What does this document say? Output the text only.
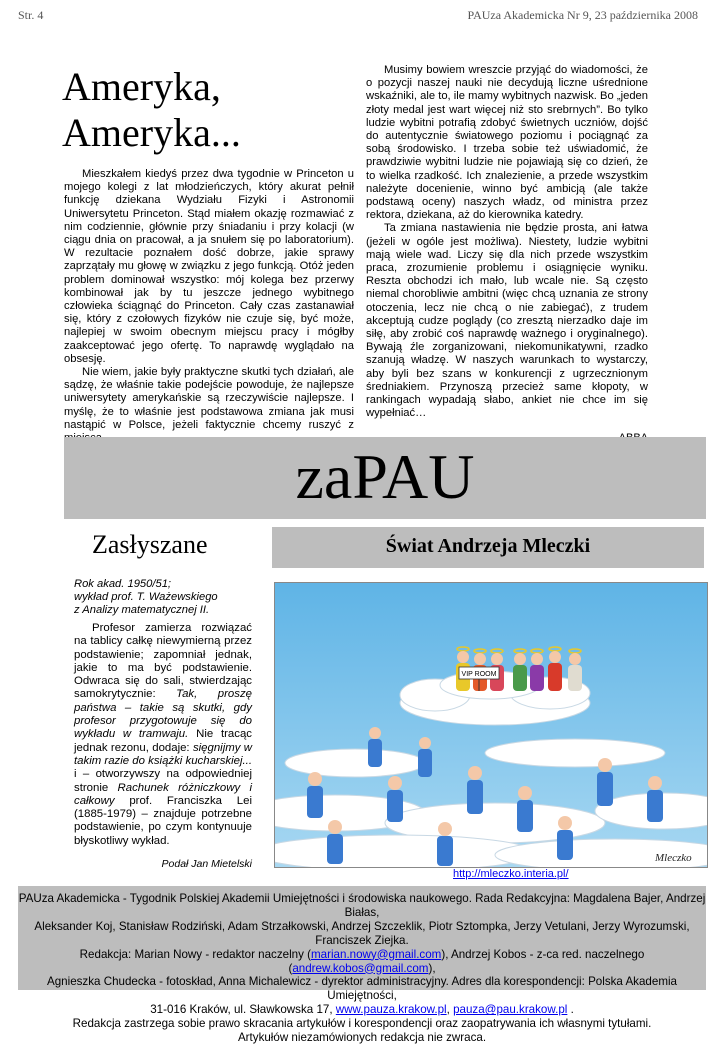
Str. 4	PAUza Akademicka Nr 9, 23 października 2008
Ameryka,
Ameryka...

Mieszkałem kiedyś przez dwa tygodnie w Princeton u mojego kolegi z lat młodzieńczych, który akurat pełnił funkcję dziekana Wydziału Fizyki i Astronomii Uniwersytetu Princeton. Stąd miałem okazję rozmawiać z nim codziennie, głównie przy śniadaniu i przy kolacji (w ciągu dnia on pracował, a ja snułem się po laboratorium). W rezultacie poznałem dość dobrze, jakie sprawy zaprzątały mu głowę w związku z jego funkcją. Otóż jeden problem dominował wszystko: mój kolega bez przerwy kombinował jak by tu jeszcze jednego wybitnego człowieka ściągnąć do Princeton. Cały czas zastanawiał się, który z czołowych fizyków nie czuje się, być może, najlepiej w swoim obecnym miejscu pracy i mógłby zaakceptować jego ofertę. To naprawdę wyglądało na obsesję.

Nie wiem, jakie były praktyczne skutki tych działań, ale sądzę, że właśnie takie podejście powoduje, że najlepsze uniwersytety amerykańskie są rzeczywiście najlepsze. I myślę, że to właśnie jest podstawowa zmiana jak musi nastąpić w Polsce, jeżeli faktycznie chcemy ruszyć z

Musimy bowiem wreszcie przyjąć do wiadomości, że o pozycji naszej nauki nie decydują liczne uśrednione wskaźniki, ale to, ile mamy wybitnych nazwisk. Bo „jeden złoty medal jest wart więcej niż sto srebrnych”. Bo tylko ludzie wybitni potrafią zdobyć świetnych uczniów, dojść do autentycznie światowego poziomu i pociągnąć za sobą środowisko. I trzeba sobie też uświadomić, że prawdziwie wybitni ludzie nie pojawiają się co dzień, że to wielka rzadkość. Ich znalezienie, a przede wszystkim należyte docenienie, winno być ambicją (ale także podstawą oceny) naszych władz, od ministra przez rektora, dziekana, aż do kierownika katedry.

Ta zmiana nastawienia nie będzie prosta, ani łatwa (jeżeli w ogóle jest możliwa). Niestety, ludzie wybitni mają wiele wad. Liczy się dla nich przede wszystkim praca, zrozumienie problemu i osiągnięcie wyniku. Reszta obchodzi ich mało, lub wcale nie. Są często niemal chorobliwie ambitni (więc chcą uznania ze strony otoczenia, lecz nie chcą o nie zabiegać), z trudem akceptują cudze poglądy (co zresztą nierzadko daje im siłę, aby zrobić coś naprawdę ważnego i oryginalnego). Bywają źle zorganizowani, niekomunikatywni, rzadko szanują władzę. W naszych warunkach to wystarczy, aby byli bez szans w konkurencji z ugrzecznionym średniakiem. Przynoszą przecież same kłopoty, w rankingach wypadają słabo, ankiet nie chce im się wypełniać…

zaPAU
Zasłyszane
Rok akad. 1950/51;
wykład prof. T. Ważewskiego
z Analizy matematycznej II.

Profesor zamierza rozwiązać na tablicy całkę niewymierną przez podstawienie; zapomniał jednak, jakie to ma być podstawienie. Odwraca się do sali, stwierdzając samokrytycznie: Tak, proszę państwa – takie są skutki, gdy profesor przygotowuje się do wykładu w tramwaju. Nie tracąc jednak rezonu, dodaje: sięgnijmy w takim razie do książki kucharskiej... i – otworzywszy na odpowiedniej stronie Rachunek różniczkowy i całkowy prof. Franciszka Lei (1885-1979) – znajduje potrzebne podstawienie, po czym kontynuuje błyskotliwy wykład.

Podał Jan Mietelski
Świat Andrzeja Mleczki
VIP ROOM
Mleczko
http://mleczko.interia.pl/
PAUza Akademicka - Tygodnik Polskiej Akademii Umiejętności i środowiska naukowego. Rada Redakcyjna: Magdalena Bajer, Andrzej Białas,
Aleksander Koj, Stanisław Rodziński, Adam Strzałkowski, Andrzej Szczeklik, Piotr Sztompka, Jerzy Vetulani, Jerzy Wyrozumski, Franciszek Ziejka.
Redakcja: Marian Nowy - redaktor naczelny (marian.nowy@gmail.com), Andrzej Kobos - z-ca red. naczelnego (andrew.kobos@gmail.com),
Agnieszka Chudecka - fotoskład, Anna Michalewicz - dyrektor administracyjny. Adres dla korespondencji: Polska Akademia Umiejętności,
31-016 Kraków, ul. Sławkowska 17, www.pauza.krakow.pl, pauza@pau.krakow.pl .
Redakcja zastrzega sobie prawo skracania artykułów i korespondencji oraz zaopatrywania ich własnymi tytułami.
Artykułów niezamówionych redakcja nie zwraca.
